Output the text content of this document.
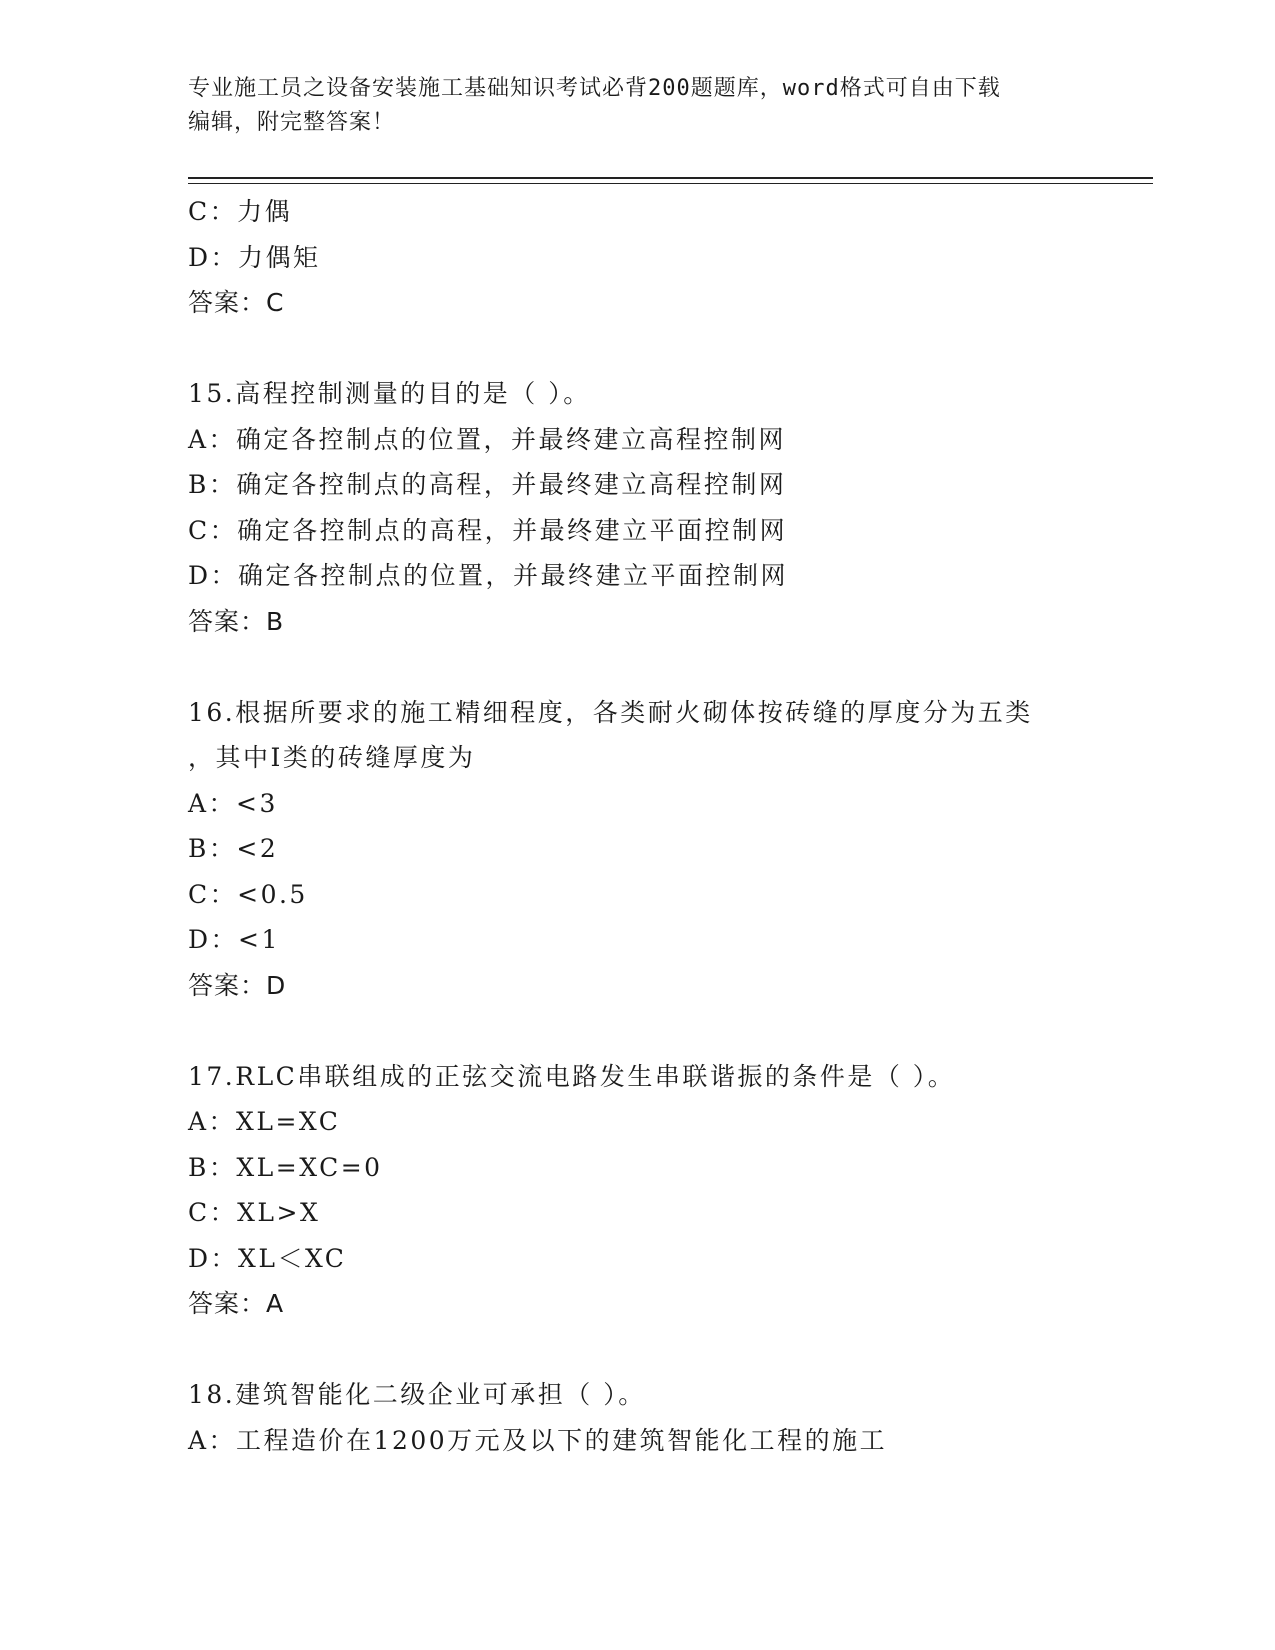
专业施工员之设备安装施工基础知识考试必背200题题库，word格式可自由下载
编辑，附完整答案！
C：力偶
D：力偶矩
答案：C
15.高程控制测量的目的是（ ）。
A：确定各控制点的位置，并最终建立高程控制网
B：确定各控制点的高程，并最终建立高程控制网
C：确定各控制点的高程，并最终建立平面控制网
D：确定各控制点的位置，并最终建立平面控制网
答案：B
16.根据所要求的施工精细程度，各类耐火砌体按砖缝的厚度分为五类
，其中I类的砖缝厚度为
A：<3
B：<2
C：<0.5
D：<1
答案：D
17.RLC串联组成的正弦交流电路发生串联谐振的条件是（ ）。
A：XL=XC
B：XL=XC=0
C：XL>X
D：XL＜XC
答案：A
18.建筑智能化二级企业可承担（ ）。
A：工程造价在1200万元及以下的建筑智能化工程的施工
